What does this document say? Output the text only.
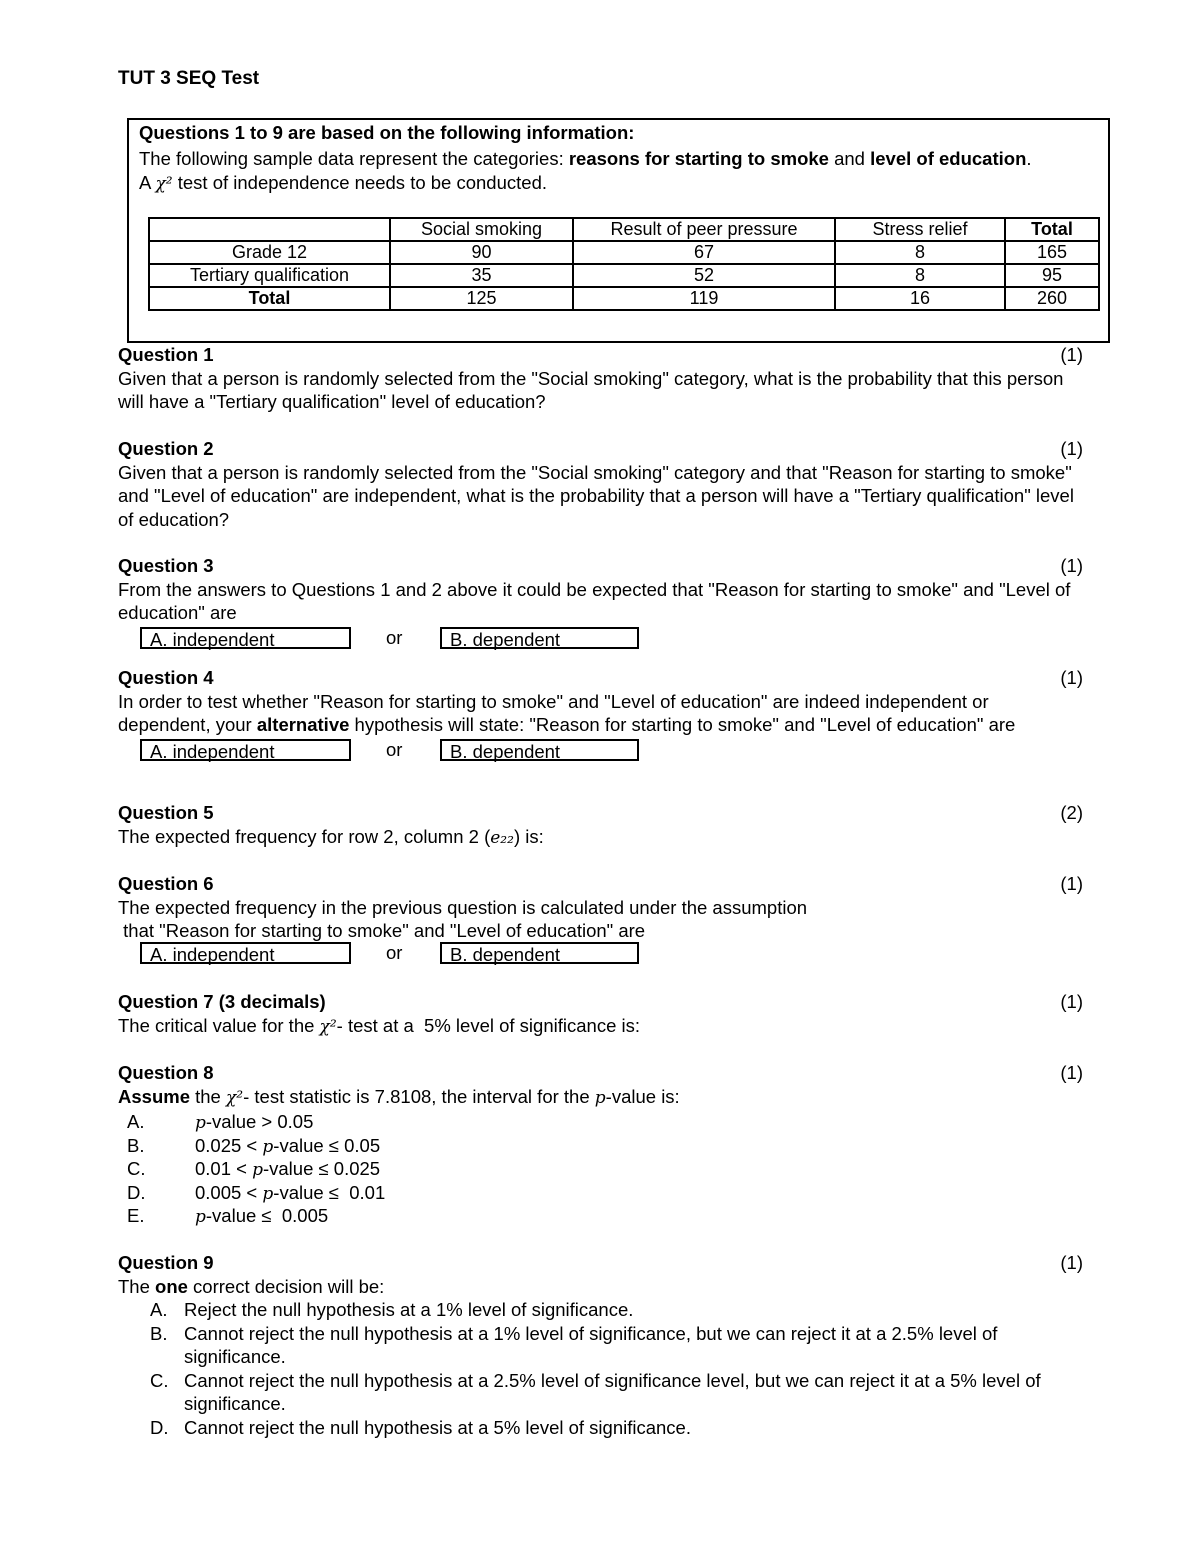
TUT 3 SEQ Test
Questions 1 to 9 are based on the following information:
The following sample data represent the categories: reasons for starting to smoke and level of education. A χ² test of independence needs to be conducted.
	Social smoking	Result of peer pressure	Stress relief	Total
Grade 12	90	67	8	165
Tertiary qualification	35	52	8	95
Total	125	119	16	260
Question 1	(1)
Given that a person is randomly selected from the "Social smoking" category, what is the probability that this person will have a "Tertiary qualification" level of education?
Question 2	(1)
Given that a person is randomly selected from the "Social smoking" category and that "Reason for starting to smoke" and "Level of education" are independent, what is the probability that a person will have a "Tertiary qualification" level of education?
Question 3	(1)
From the answers to Questions 1 and 2 above it could be expected that "Reason for starting to smoke" and "Level of education" are
A. independent	or	B. dependent
Question 4	(1)
In order to test whether "Reason for starting to smoke" and "Level of education" are indeed independent or dependent, your alternative hypothesis will state: "Reason for starting to smoke" and "Level of education" are
A. independent	or	B. dependent
Question 5	(2)
The expected frequency for row 2, column 2 (e₂₂) is:
Question 6	(1)
The expected frequency in the previous question is calculated under the assumption
that "Reason for starting to smoke" and "Level of education" are
A. independent	or	B. dependent
Question 7 (3 decimals)	(1)
The critical value for the χ²- test at a  5% level of significance is:
Question 8	(1)
Assume the χ²- test statistic is 7.8108, the interval for the p-value is:
A.	p-value > 0.05
B.	0.025 < p-value ≤ 0.05
C.	0.01 < p-value ≤ 0.025
D.	0.005 < p-value ≤  0.01
E.	p-value ≤  0.005
Question 9	(1)
The one correct decision will be:
A. Reject the null hypothesis at a 1% level of significance.
B. Cannot reject the null hypothesis at a 1% level of significance, but we can reject it at a 2.5% level of significance.
C. Cannot reject the null hypothesis at a 2.5% level of significance level, but we can reject it at a 5% level of significance.
D. Cannot reject the null hypothesis at a 5% level of significance.
